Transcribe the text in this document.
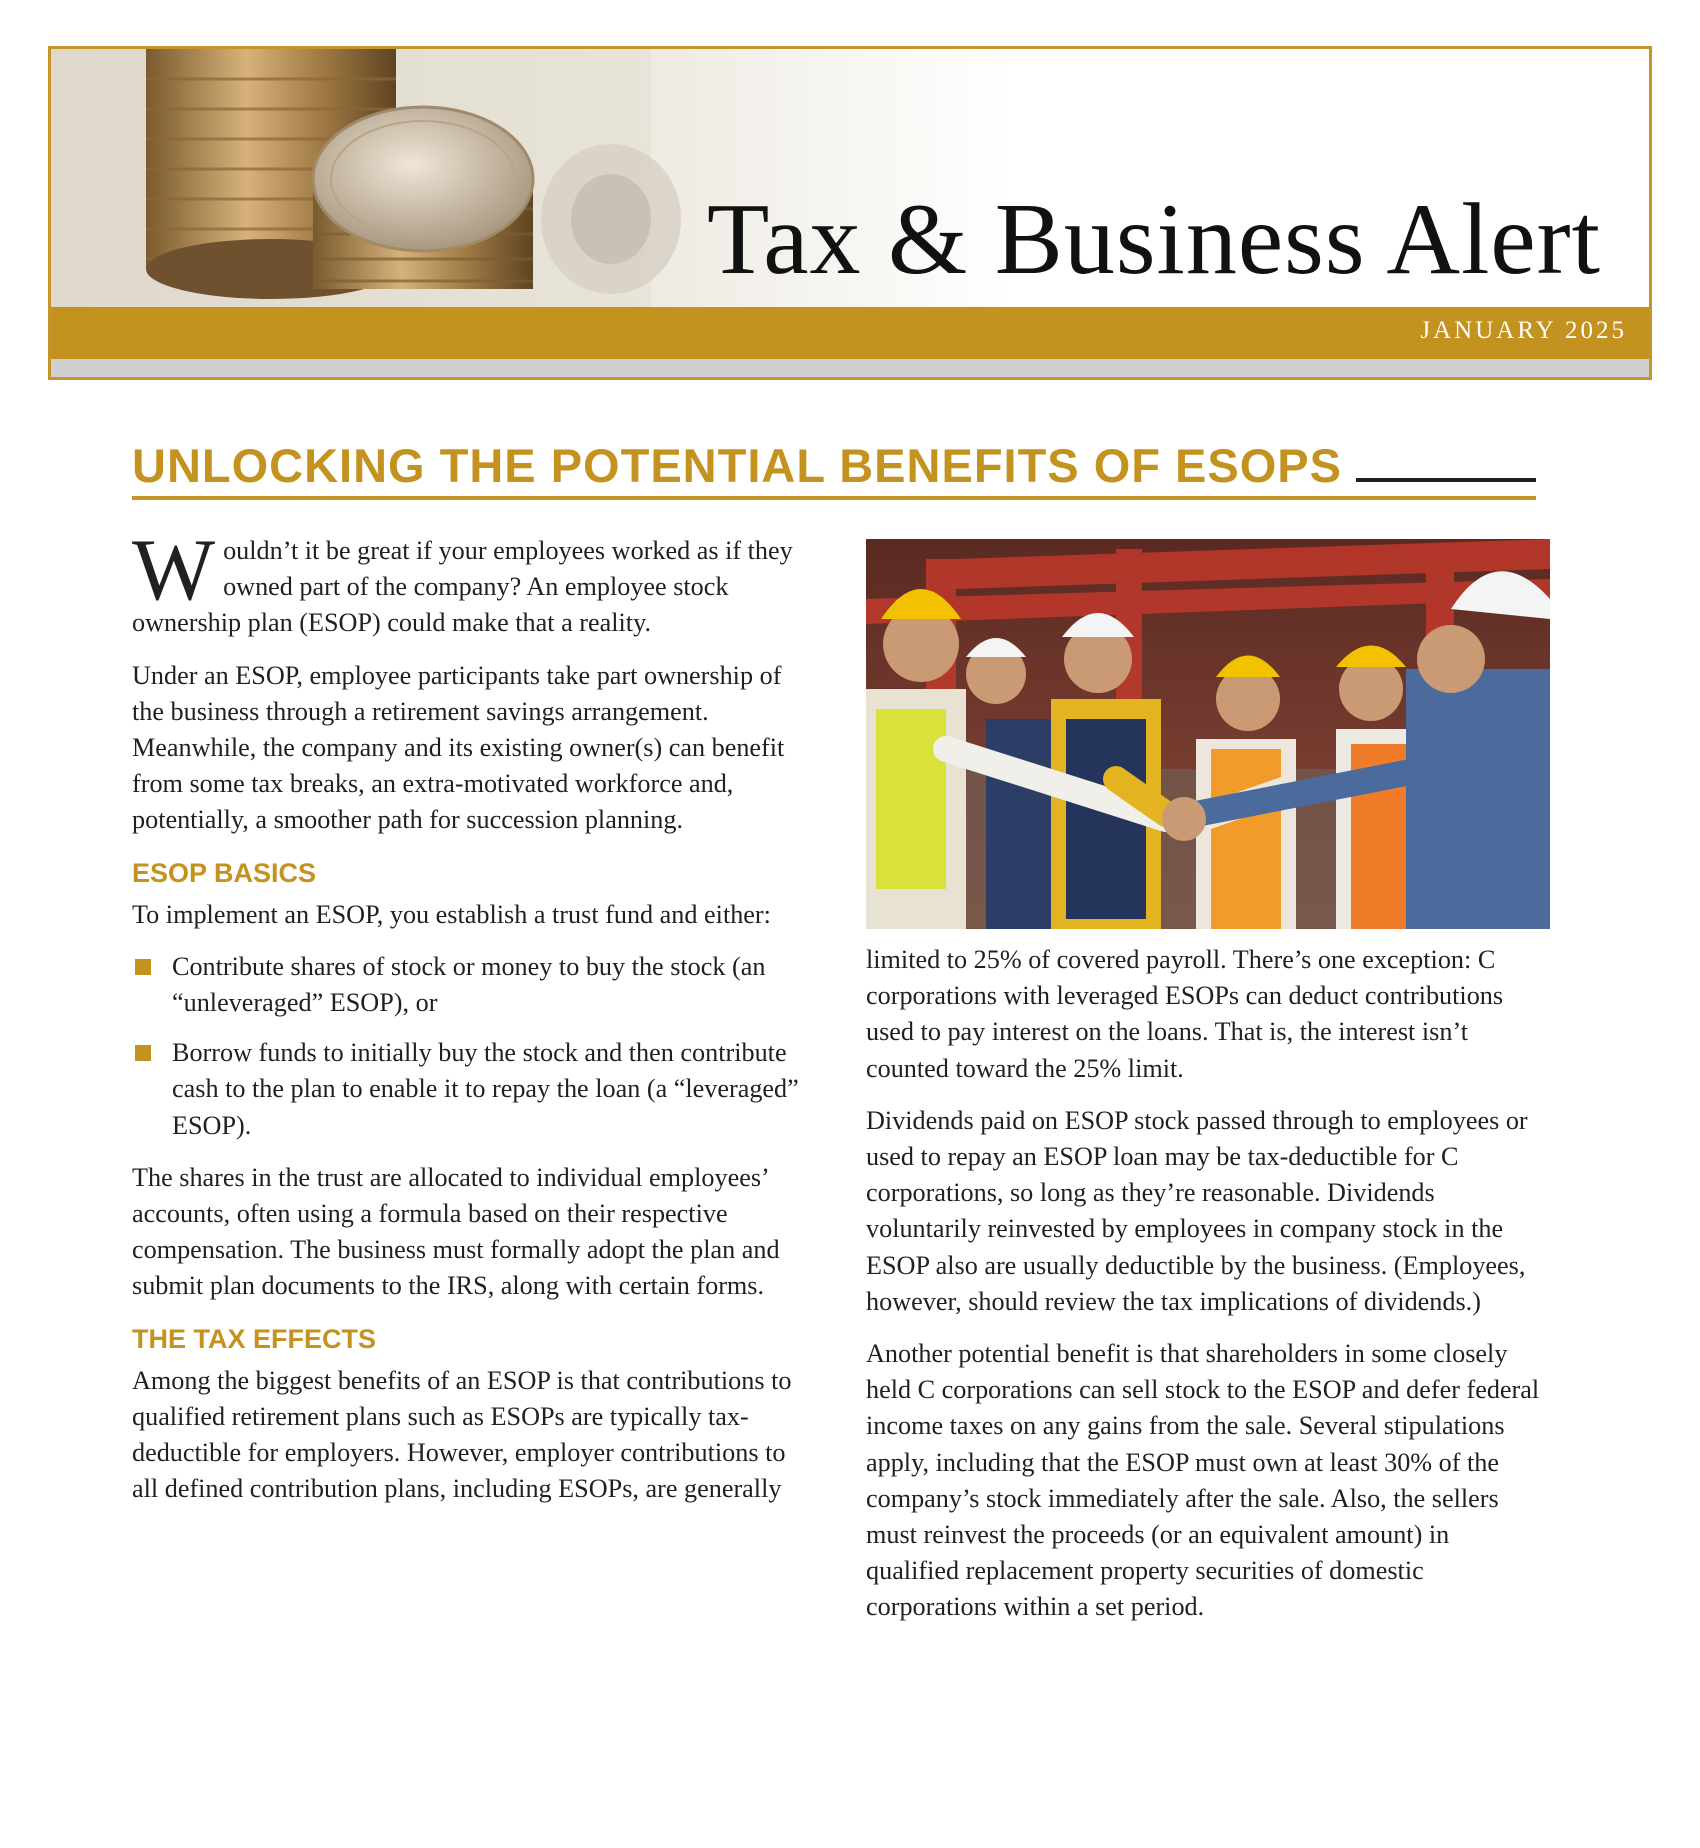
Tax & Business Alert
JANUARY 2025
UNLOCKING THE POTENTIAL BENEFITS OF ESOPS

Wouldn’t it be great if your employees worked as if they owned part of the company? An employee stock ownership plan (ESOP) could make that a reality.

Under an ESOP, employee participants take part ownership of the business through a retirement savings arrangement. Meanwhile, the company and its existing owner(s) can benefit from some tax breaks, an extra-motivated workforce and, potentially, a smoother path for succession planning.

ESOP BASICS

To implement an ESOP, you establish a trust fund and either:

Contribute shares of stock or money to buy the stock (an “unleveraged” ESOP), or
Borrow funds to initially buy the stock and then contribute cash to the plan to enable it to repay the loan (a “leveraged” ESOP).

The shares in the trust are allocated to individual employees’ accounts, often using a formula based on their respective compensation. The business must formally adopt the plan and submit plan documents to the IRS, along with certain forms.

THE TAX EFFECTS

Among the biggest benefits of an ESOP is that contributions to qualified retirement plans such as ESOPs are typically tax-deductible for employers. However, employer contributions to all defined contribution plans, including ESOPs, are generally

limited to 25% of covered payroll. There’s one exception: C corporations with leveraged ESOPs can deduct contributions used to pay interest on the loans. That is, the interest isn’t counted toward the 25% limit.

Dividends paid on ESOP stock passed through to employees or used to repay an ESOP loan may be tax-deductible for C corporations, so long as they’re reasonable. Dividends voluntarily reinvested by employees in company stock in the ESOP also are usually deductible by the business. (Employees, however, should review the tax implications of dividends.)

Another potential benefit is that shareholders in some closely held C corporations can sell stock to the ESOP and defer federal income taxes on any gains from the sale. Several stipulations apply, including that the ESOP must own at least 30% of the company’s stock immediately after the sale. Also, the sellers must reinvest the proceeds (or an equivalent amount) in qualified replacement property securities of domestic corporations within a set period.
